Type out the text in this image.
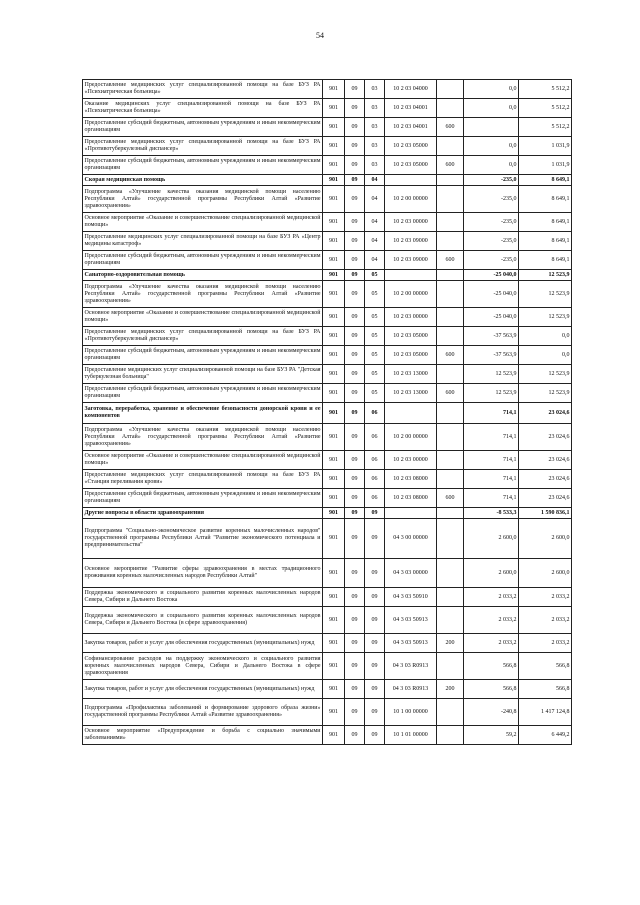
54
Предоставление медицинских услуг специализированной помощи на базе БУЗ РА «Психиатрическая больница»	901	09	03	10 2 03 04000		0,0	5 512,2
Оказание медицинских услуг специализированной помощи на базе БУЗ РА «Психиатрическая больница»	901	09	03	10 2 03 04001		0,0	5 512,2
Предоставление субсидий бюджетным, автономным учреждениям и иным некоммерческим организациям	901	09	03	10 2 03 04001	600		5 512,2
Предоставление медицинских услуг специализированной помощи на базе БУЗ РА «Противотуберкулезный диспансер»	901	09	03	10 2 03 05000		0,0	1 031,9
Предоставление субсидий бюджетным, автономным учреждениям и иным некоммерческим организациям	901	09	03	10 2 03 05000	600	0,0	1 031,9
Скорая медицинская помощь	901	09	04			-235,0	8 649,1
Подпрограмма «Улучшение качества оказания медицинской помощи населению Республики Алтай» государственной программы Республики Алтай «Развитие здравоохранения»	901	09	04	10 2 00 00000		-235,0	8 649,1
Основное мероприятие «Оказание и совершенствование специализированной медицинской помощи»	901	09	04	10 2 03 00000		-235,0	8 649,1
Предоставление медицинских услуг специализированной помощи на базе БУЗ РА «Центр медицины катастроф»	901	09	04	10 2 03 09000		-235,0	8 649,1
Предоставление субсидий бюджетным, автономным учреждениям и иным некоммерческим организациям	901	09	04	10 2 03 09000	600	-235,0	8 649,1
Санаторно-оздоровительная помощь	901	09	05			-25 040,0	12 523,9
Подпрограмма «Улучшение качества оказания медицинской помощи населению Республики Алтай» государственной программы Республики Алтай «Развитие здравоохранения»	901	09	05	10 2 00 00000		-25 040,0	12 523,9
Основное мероприятие «Оказание и совершенствование специализированной медицинской помощи»	901	09	05	10 2 03 00000		-25 040,0	12 523,9
Предоставление медицинских услуг специализированной помощи на базе БУЗ РА «Противотуберкулезный диспансер»	901	09	05	10 2 03 05000		-37 563,9	0,0
Предоставление субсидий бюджетным, автономным учреждениям и иным некоммерческим организациям	901	09	05	10 2 03 05000	600	-37 563,9	0,0
Предоставление медицинских услуг специализированной помощи на базе БУЗ РА "Детская туберкулезная больница"	901	09	05	10 2 03 13000		12 523,9	12 523,9
Предоставление субсидий бюджетным, автономным учреждениям и иным некоммерческим организациям	901	09	05	10 2 03 13000	600	12 523,9	12 523,9
Заготовка, переработка, хранение и обеспечение безопасности донорской крови и ее компонентов	901	09	06			714,1	23 024,6
Подпрограмма «Улучшение качества оказания медицинской помощи населению Республики Алтай» государственной программы Республики Алтай «Развитие здравоохранения»	901	09	06	10 2 00 00000		714,1	23 024,6
Основное мероприятие «Оказание и совершенствование специализированной медицинской помощи»	901	09	06	10 2 03 00000		714,1	23 024,6
Предоставление медицинских услуг специализированной помощи на базе БУЗ РА «Станция переливания крови»	901	09	06	10 2 03 08000		714,1	23 024,6
Предоставление субсидий бюджетным, автономным учреждениям и иным некоммерческим организациям	901	09	06	10 2 03 08000	600	714,1	23 024,6
Другие вопросы в области здравоохранения	901	09	09			-8 533,3	1 590 836,1
Подпрограмма "Социально-экономическое развитие коренных малочисленных народов" государственной программы Республики Алтай "Развитие экономического потенциала и предпринимательства"	901	09	09	04 3 00 00000		2 600,0	2 600,0
Основное мероприятие "Развитие сферы здравоохранения в местах традиционного проживания коренных малочисленных народов Республики Алтай"	901	09	09	04 3 03 00000		2 600,0	2 600,0
Поддержка экономического и социального развития коренных малочисленных народов Севера, Сибири и Дальнего Востока	901	09	09	04 3 03 50910		2 033,2	2 033,2
Поддержка экономического и социального развития коренных малочисленных народов Севера, Сибири и Дальнего Востока (в сфере здравоохранения)	901	09	09	04 3 03 50913		2 033,2	2 033,2
Закупка товаров, работ и услуг для обеспечения государственных (муниципальных) нужд	901	09	09	04 3 03 50913	200	2 033,2	2 033,2
Софинансирование расходов на поддержку экономического и социального развития коренных малочисленных народов Севера, Сибири и Дальнего Востока в сфере здравоохранения	901	09	09	04 3 03 R0913		566,8	566,8
Закупка товаров, работ и услуг для обеспечения государственных (муниципальных) нужд	901	09	09	04 3 03 R0913	200	566,8	566,8
Подпрограмма «Профилактика заболеваний и формирование здорового образа жизни» государственной программы Республики Алтай «Развитие здравоохранения»	901	09	09	10 1 00 00000		-240,8	1 417 124,8
Основное мероприятие «Предупреждение и борьба с социально значимыми заболеваниями»	901	09	09	10 1 01 00000		59,2	6 449,2
